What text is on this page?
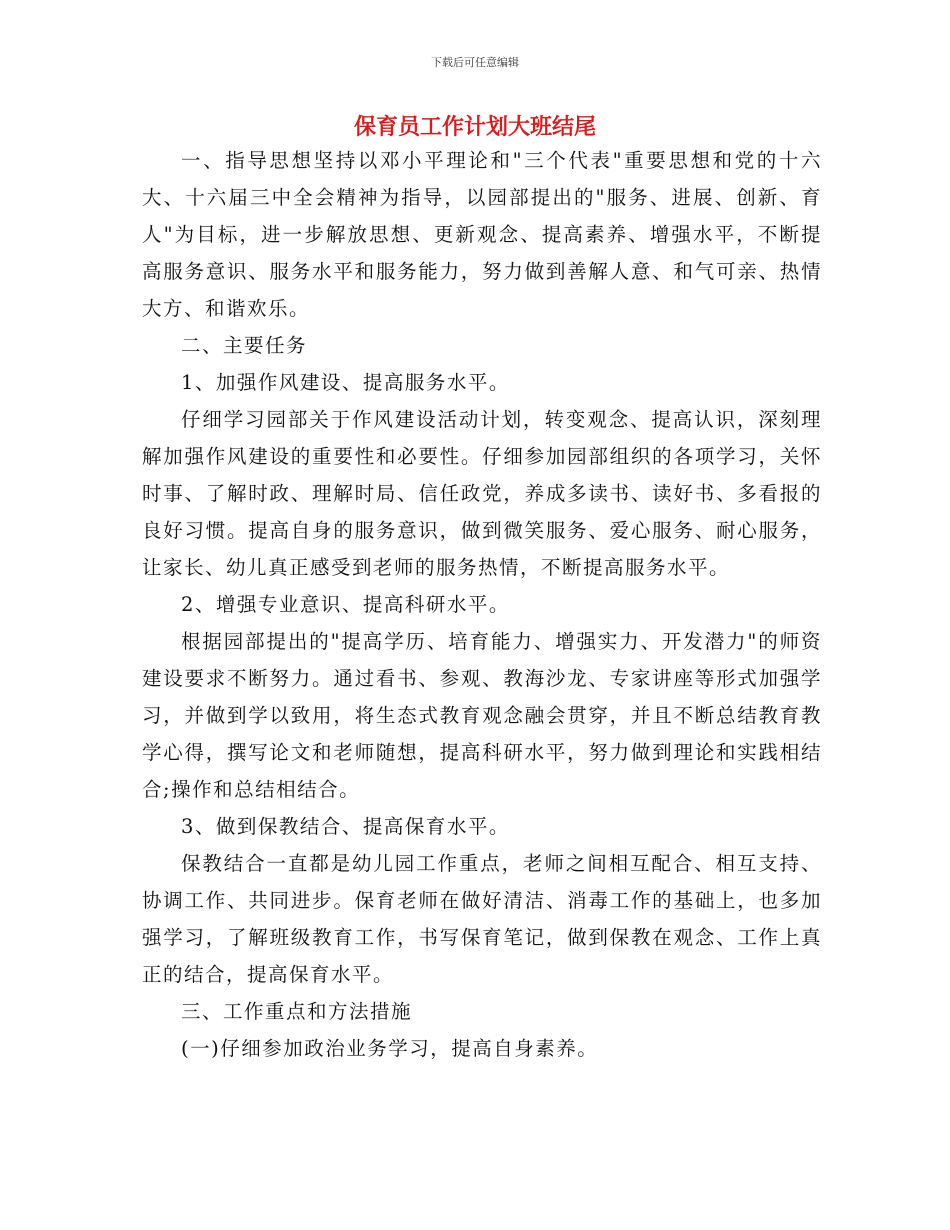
下载后可任意编辑
保育员工作计划大班结尾

一、指导思想坚持以邓小平理论和"三个代表"重要思想和党的十六大、十六届三中全会精神为指导，以园部提出的"服务、进展、创新、育人"为目标，进一步解放思想、更新观念、提高素养、增强水平，不断提高服务意识、服务水平和服务能力，努力做到善解人意、和气可亲、热情大方、和谐欢乐。

二、主要任务

1、加强作风建设、提高服务水平。

仔细学习园部关于作风建设活动计划，转变观念、提高认识，深刻理解加强作风建设的重要性和必要性。仔细参加园部组织的各项学习，关怀时事、了解时政、理解时局、信任政党，养成多读书、读好书、多看报的良好习惯。提高自身的服务意识，做到微笑服务、爱心服务、耐心服务，让家长、幼儿真正感受到老师的服务热情，不断提高服务水平。

2、增强专业意识、提高科研水平。

根据园部提出的"提高学历、培育能力、增强实力、开发潜力"的师资建设要求不断努力。通过看书、参观、教海沙龙、专家讲座等形式加强学习，并做到学以致用，将生态式教育观念融会贯穿，并且不断总结教育教学心得，撰写论文和老师随想，提高科研水平，努力做到理论和实践相结合;操作和总结相结合。

3、做到保教结合、提高保育水平。

保教结合一直都是幼儿园工作重点，老师之间相互配合、相互支持、协调工作、共同进步。保育老师在做好清洁、消毒工作的基础上，也多加强学习，了解班级教育工作，书写保育笔记，做到保教在观念、工作上真正的结合，提高保育水平。

三、工作重点和方法措施

(一)仔细参加政治业务学习，提高自身素养。
